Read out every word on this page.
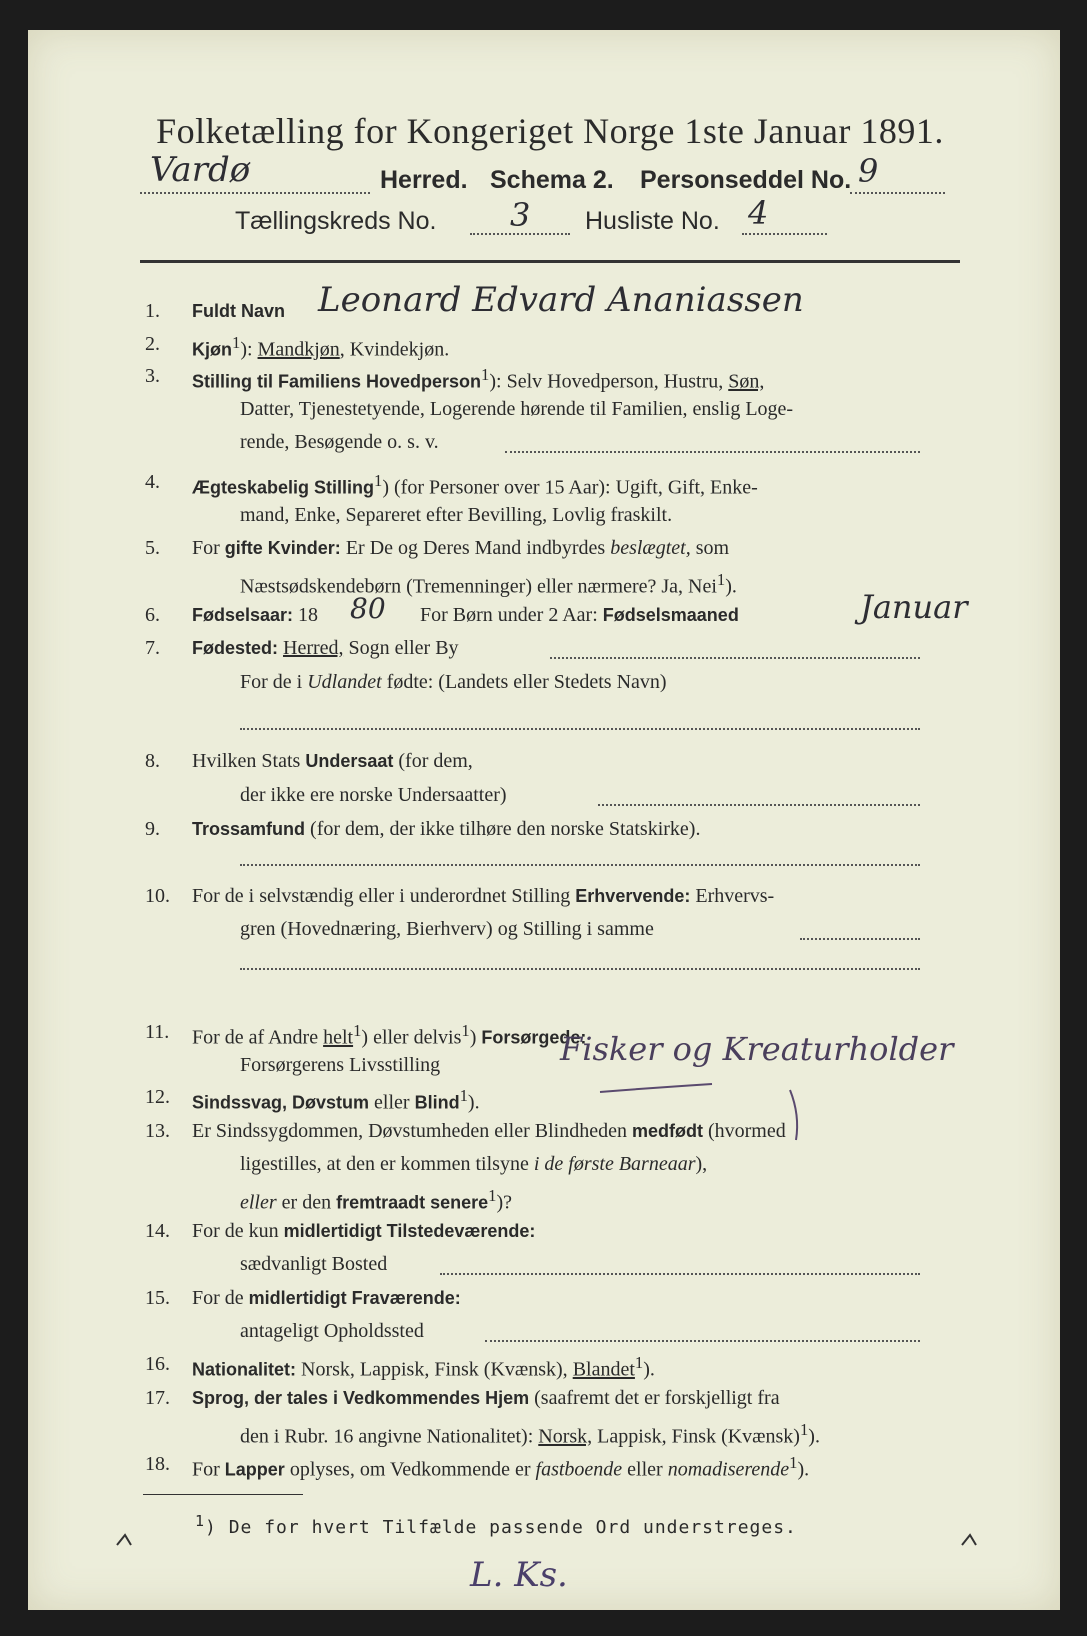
Folketælling for Kongeriget Norge 1ste Januar 1891.
Vardø	Herred. Schema 2. Personseddel No. 9
Tællingskreds No. 3 Husliste No. 4
1.	Fuldt Navn Leonard Edvard Ananiassen
2.	Kjøn$^1$): Mandkjøn, Kvindekjøn.
3.	Stilling til Familiens Hovedperson$^1$): Selv Hovedperson, Hustru, Søn,
Datter, Tjenestetyende, Logerende hørende til Familien, enslig Loge-
rende, Besøgende o. s. v.
4.	Ægteskabelig Stilling$^1$) (for Personer over 15 Aar): Ugift, Gift, Enke-
mand, Enke, Separeret efter Bevilling, Lovlig fraskilt.
5.	For gifte Kvinder: Er De og Deres Mand indbyrdes beslægtet, som
Næstsødskendebørn (Tremenninger) eller nærmere? Ja, Nei$^1$).
6.	Fødselsaar: 18 80 For Børn under 2 Aar: Fødselsmaaned	Januar
7.	Fødested: Herred, Sogn eller By
For de i Udlandet fødte: (Landets eller Stedets Navn)
8.	Hvilken Stats Undersaat (for dem,
der ikke ere norske Undersaatter)
9.	Trossamfund (for dem, der ikke tilhøre den norske Statskirke).
10.	For de i selvstændig eller i underordnet Stilling Erhvervende: Erhvervs-
gren (Hovednæring, Bierhverv) og Stilling i samme
11.	For de af Andre helt$^1$) eller delvis$^1$) Forsørgede:
Forsørgerens Livsstilling	Fisker og Kreaturholder
12.	Sindssvag, Døvstum eller Blind$^1$).
13.	Er Sindssygdommen, Døvstumheden eller Blindheden medfødt (hvormed
ligestilles, at den er kommen tilsyne i de første Barneaar),
eller er den fremtraadt senere$^1$)?
14.	For de kun midlertidigt Tilstedeværende:
sædvanligt Bosted
15.	For de midlertidigt Fraværende:
antageligt Opholdssted
16.	Nationalitet: Norsk, Lappisk, Finsk (Kvænsk), Blandet$^1$).
17.	Sprog, der tales i Vedkommendes Hjem (saafremt det er forskjelligt fra
den i Rubr. 16 angivne Nationalitet): Norsk, Lappisk, Finsk (Kvænsk)$^1$).
18.	For Lapper oplyses, om Vedkommende er fastboende eller nomadiserende$^1$).
$^1$) De for hvert Tilfælde passende Ord understreges.
L. Ks.
